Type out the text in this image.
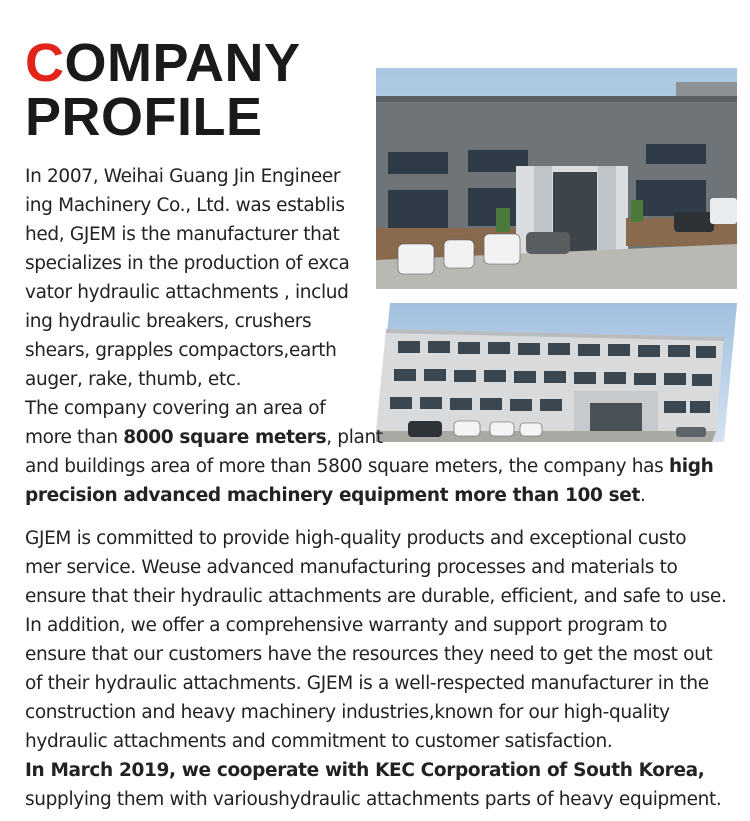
COMPANY
PROFILE
In 2007, Weihai Guang Jin Engineer
ing Machinery Co., Ltd. was establis
hed, GJEM is the manufacturer that
specializes in the production of exca
vator hydraulic attachments , includ
ing hydraulic breakers, crushers
shears, grapples compactors,earth
auger, rake, thumb, etc.
The company covering an area of
more than 8000 square meters, plant
and buildings area of more than 5800 square meters, the company has high
precision advanced machinery equipment more than 100 set.
GJEM is committed to provide high-quality products and exceptional custo
mer service. Weuse advanced manufacturing processes and materials to
ensure that their hydraulic attachments are durable, efficient, and safe to use.
In addition, we offer a comprehensive warranty and support program to
ensure that our customers have the resources they need to get the most out
of their hydraulic attachments. GJEM is a well-respected manufacturer in the
construction and heavy machinery industries,known for our high-quality
hydraulic attachments and commitment to customer satisfaction.
In March 2019, we cooperate with KEC Corporation of South Korea,
supplying them with varioushydraulic attachments parts of heavy equipment.
